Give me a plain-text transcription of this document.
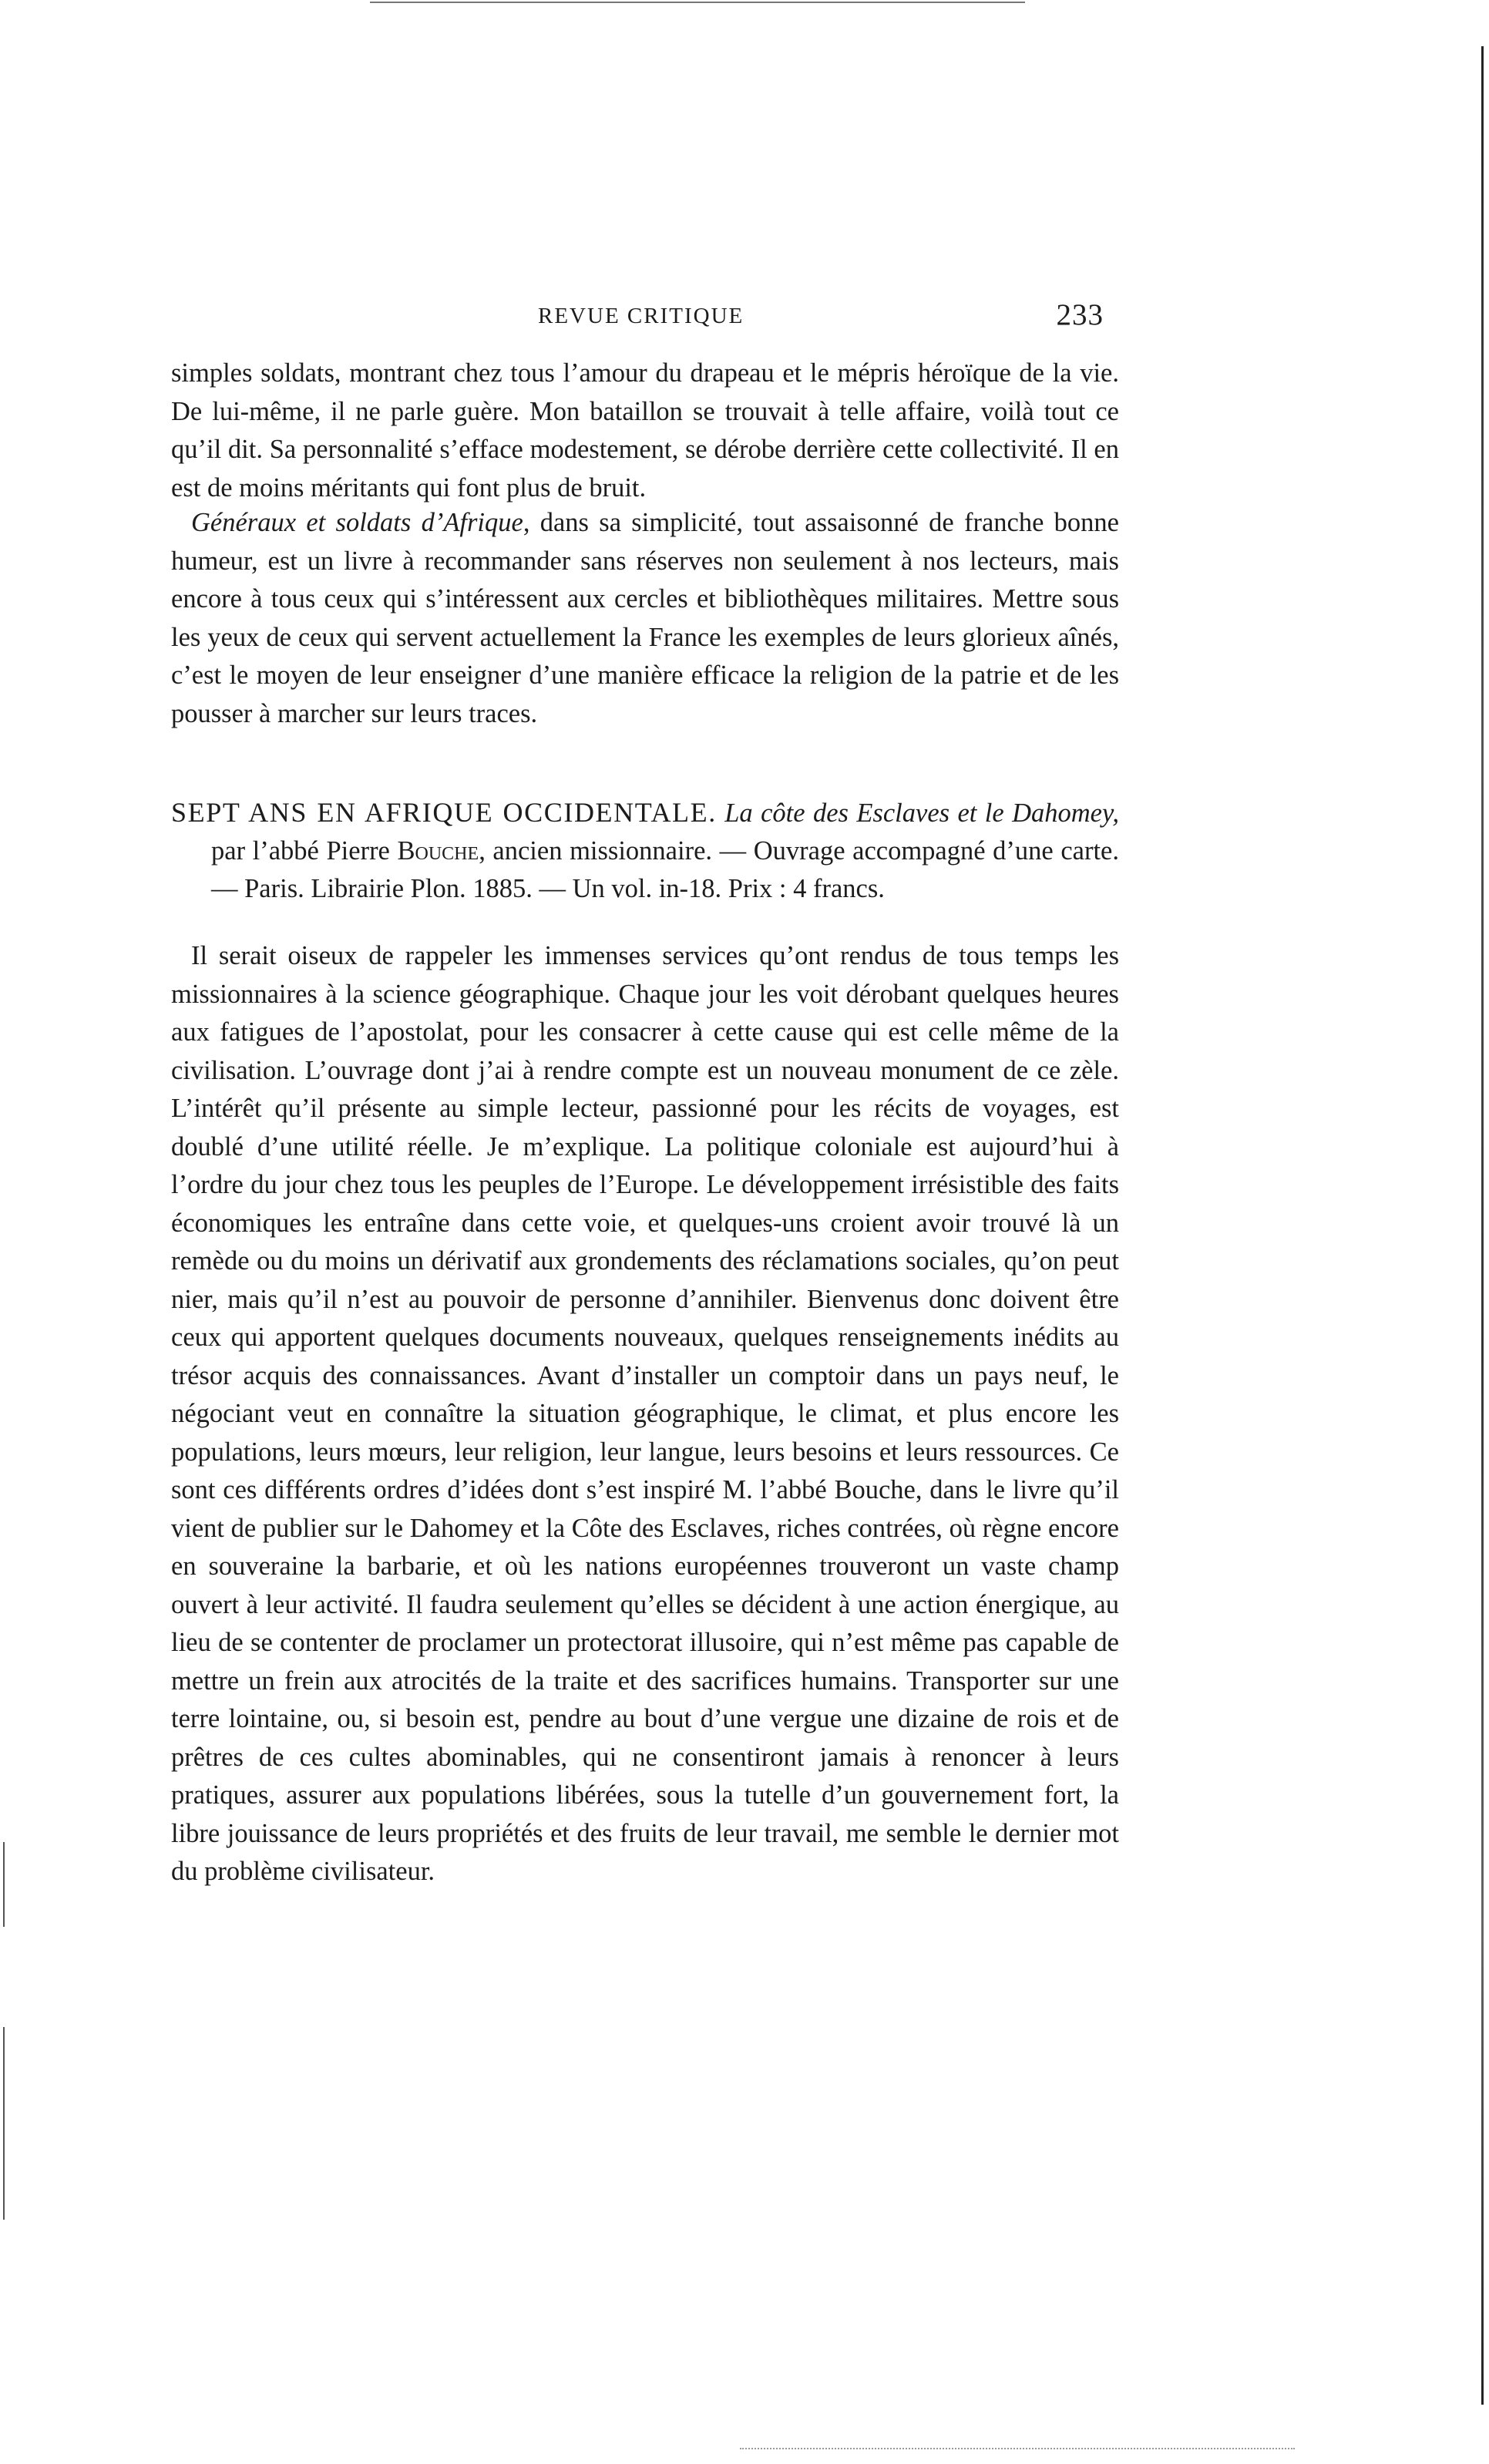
REVUE CRITIQUE	233

simples soldats, montrant chez tous l’amour du drapeau et le mépris héroïque de la vie. De lui-même, il ne parle guère. Mon bataillon se trouvait à telle affaire, voilà tout ce qu’il dit. Sa personnalité s’efface modestement, se dérobe derrière cette collectivité. Il en est de moins méritants qui font plus de bruit.

Généraux et soldats d’Afrique, dans sa simplicité, tout assaisonné de franche bonne humeur, est un livre à recommander sans réserves non seulement à nos lecteurs, mais encore à tous ceux qui s’intéressent aux cercles et bibliothèques militaires. Mettre sous les yeux de ceux qui servent actuellement la France les exemples de leurs glorieux aînés, c’est le moyen de leur enseigner d’une manière efficace la religion de la patrie et de les pousser à marcher sur leurs traces.

SEPT ANS EN AFRIQUE OCCIDENTALE. La côte des Esclaves et le Dahomey, par l’abbé Pierre Bouche, ancien missionnaire. — Ouvrage accompagné d’une carte. — Paris. Librairie Plon. 1885. — Un vol. in-18. Prix : 4 francs.

Il serait oiseux de rappeler les immenses services qu’ont rendus de tous temps les missionnaires à la science géographique. Chaque jour les voit dérobant quelques heures aux fatigues de l’apostolat, pour les consacrer à cette cause qui est celle même de la civilisation. L’ouvrage dont j’ai à rendre compte est un nouveau monument de ce zèle. L’intérêt qu’il présente au simple lecteur, passionné pour les récits de voyages, est doublé d’une utilité réelle. Je m’explique. La politique coloniale est aujourd’hui à l’ordre du jour chez tous les peuples de l’Europe. Le développement irrésistible des faits économiques les entraîne dans cette voie, et quelques-uns croient avoir trouvé là un remède ou du moins un dérivatif aux grondements des réclamations sociales, qu’on peut nier, mais qu’il n’est au pouvoir de personne d’annihiler. Bienvenus donc doivent être ceux qui apportent quelques documents nouveaux, quelques renseignements inédits au trésor acquis des connaissances. Avant d’installer un comptoir dans un pays neuf, le négociant veut en connaître la situation géographique, le climat, et plus encore les populations, leurs mœurs, leur religion, leur langue, leurs besoins et leurs ressources. Ce sont ces différents ordres d’idées dont s’est inspiré M. l’abbé Bouche, dans le livre qu’il vient de publier sur le Dahomey et la Côte des Esclaves, riches contrées, où règne encore en souveraine la barbarie, et où les nations européennes trouveront un vaste champ ouvert à leur activité. Il faudra seulement qu’elles se décident à une action énergique, au lieu de se contenter de proclamer un protectorat illusoire, qui n’est même pas capable de mettre un frein aux atrocités de la traite et des sacrifices humains. Transporter sur une terre lointaine, ou, si besoin est, pendre au bout d’une vergue une dizaine de rois et de prêtres de ces cultes abominables, qui ne consentiront jamais à renoncer à leurs pratiques, assurer aux populations libérées, sous la tutelle d’un gouvernement fort, la libre jouissance de leurs propriétés et des fruits de leur travail, me semble le dernier mot du problème civilisateur.
